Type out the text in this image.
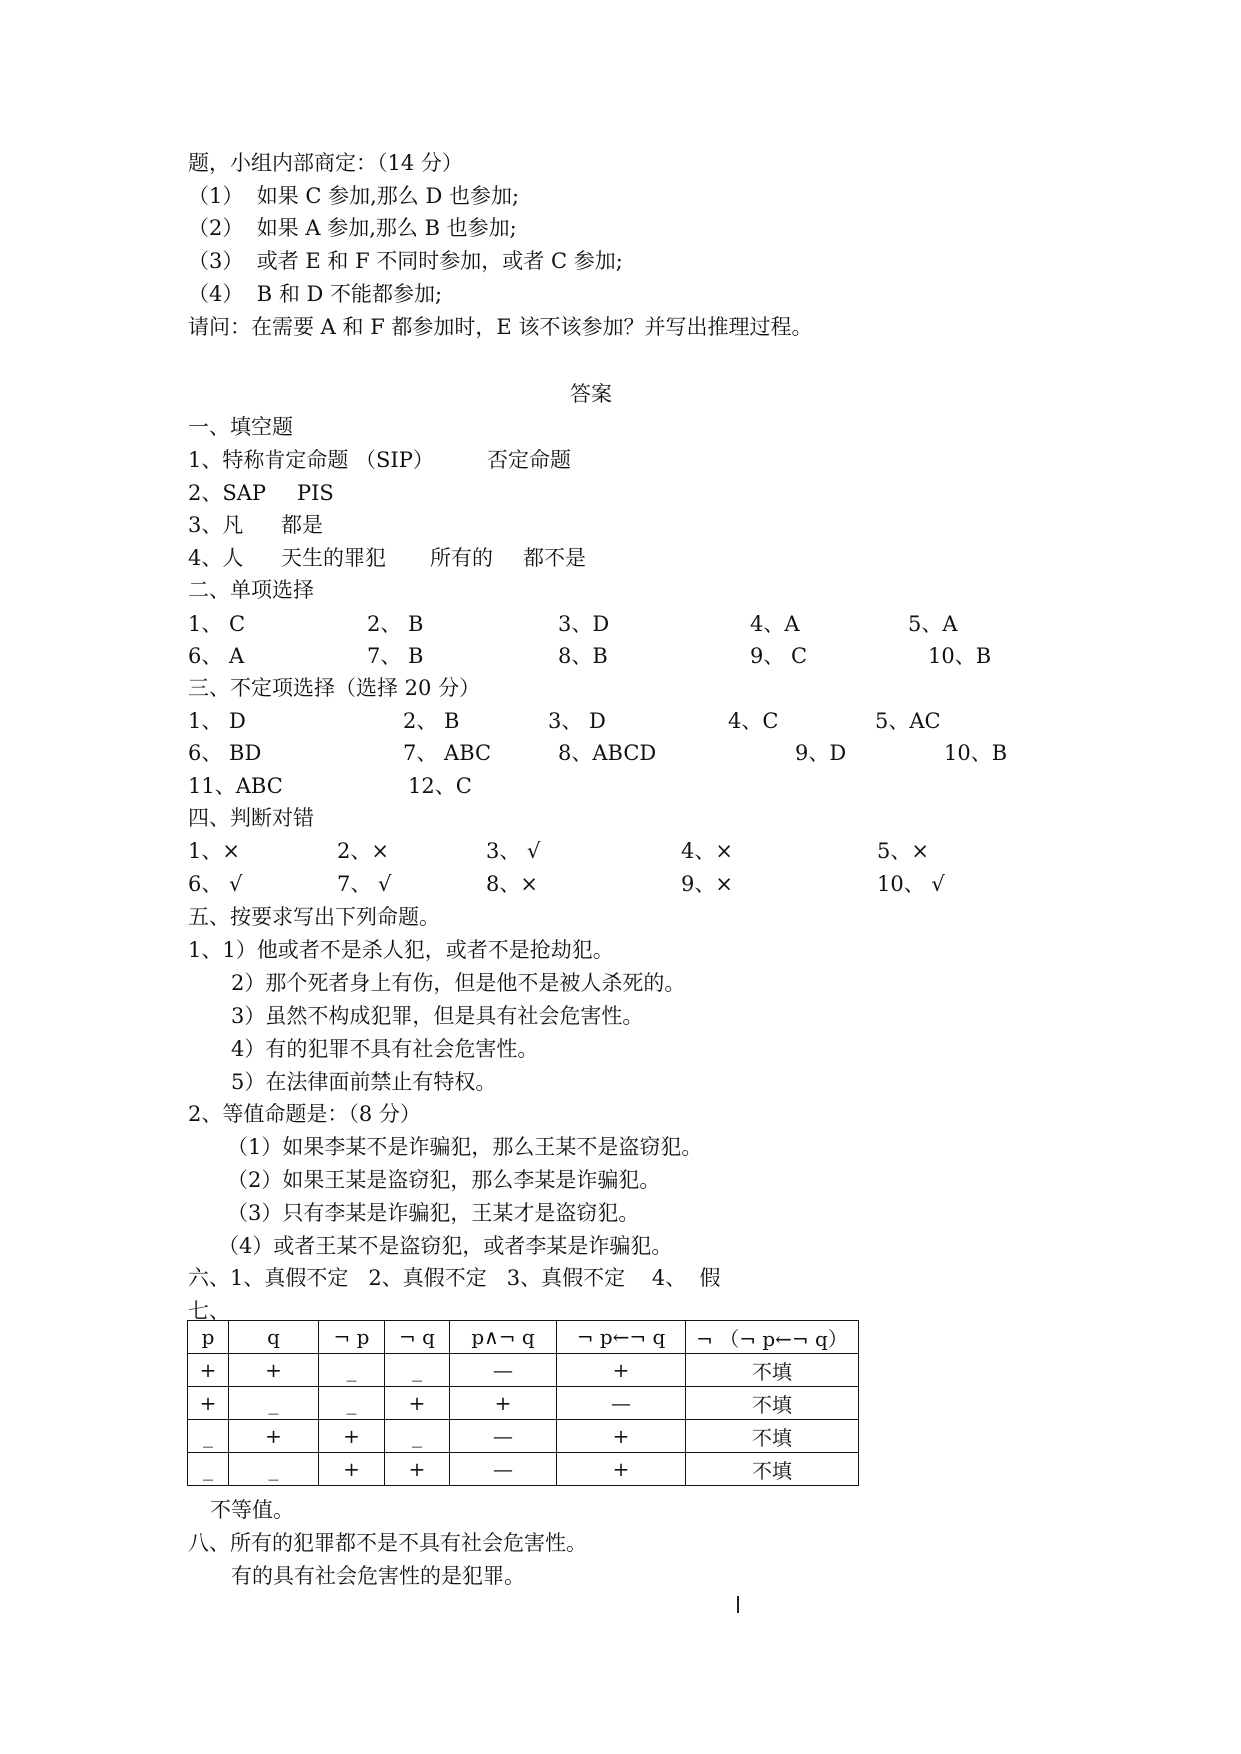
题，小组内部商定：（14 分）
（1）  如果 C 参加,那么 D 也参加;
（2）  如果 A 参加,那么 B 也参加;
（3）  或者 E 和 F 不同时参加，或者 C 参加;
（4）  B 和 D 不能都参加;
请问：在需要 A 和 F 都参加时，E 该不该参加？并写出推理过程。
答案
一、填空题
1、特称肯定命题 （SIP）	否定命题
2、SAP PIS
3、凡 都是
4、人 天生的罪犯 所有的 都不是
二、单项选择
1、 C	2、 B	3、D	4、A	5、A
6、 A	7、 B	8、B	9、 C	10、B
三、不定项选择（选择 20 分）
1、 D	2、 B	3、 D	4、C	5、AC
6、 BD	7、 ABC	8、ABCD	9、D	10、B
11、ABC	12、C
四、判断对错
1、×	2、×	3、 √	4、×	5、×
6、 √	7、 √	8、×	9、×	10、 √
五、按要求写出下列命题。
1、1）他或者不是杀人犯，或者不是抢劫犯。
2）那个死者身上有伤，但是他不是被人杀死的。
3）虽然不构成犯罪，但是具有社会危害性。
4）有的犯罪不具有社会危害性。
5）在法律面前禁止有特权。
2、等值命题是：（8 分）
（1）如果李某不是诈骗犯，那么王某不是盗窃犯。
（2）如果王某是盗窃犯，那么李某是诈骗犯。
（3）只有李某是诈骗犯，王某才是盗窃犯。
（4）或者王某不是盗窃犯，或者李某是诈骗犯。
六、1、真假不定   2、真假不定   3、真假不定    4、  假
七、
p	q	¬ p	¬ q	p∧¬ q	¬ p←¬ q	¬ （¬ p←¬ q）
+	+	_	_	—	+	不填
+	_	_	+	+	—	不填
_	+	+	_	—	+	不填
_	_	+	+	—	+	不填
不等值。
八、所有的犯罪都不是不具有社会危害性。
有的具有社会危害性的是犯罪。
